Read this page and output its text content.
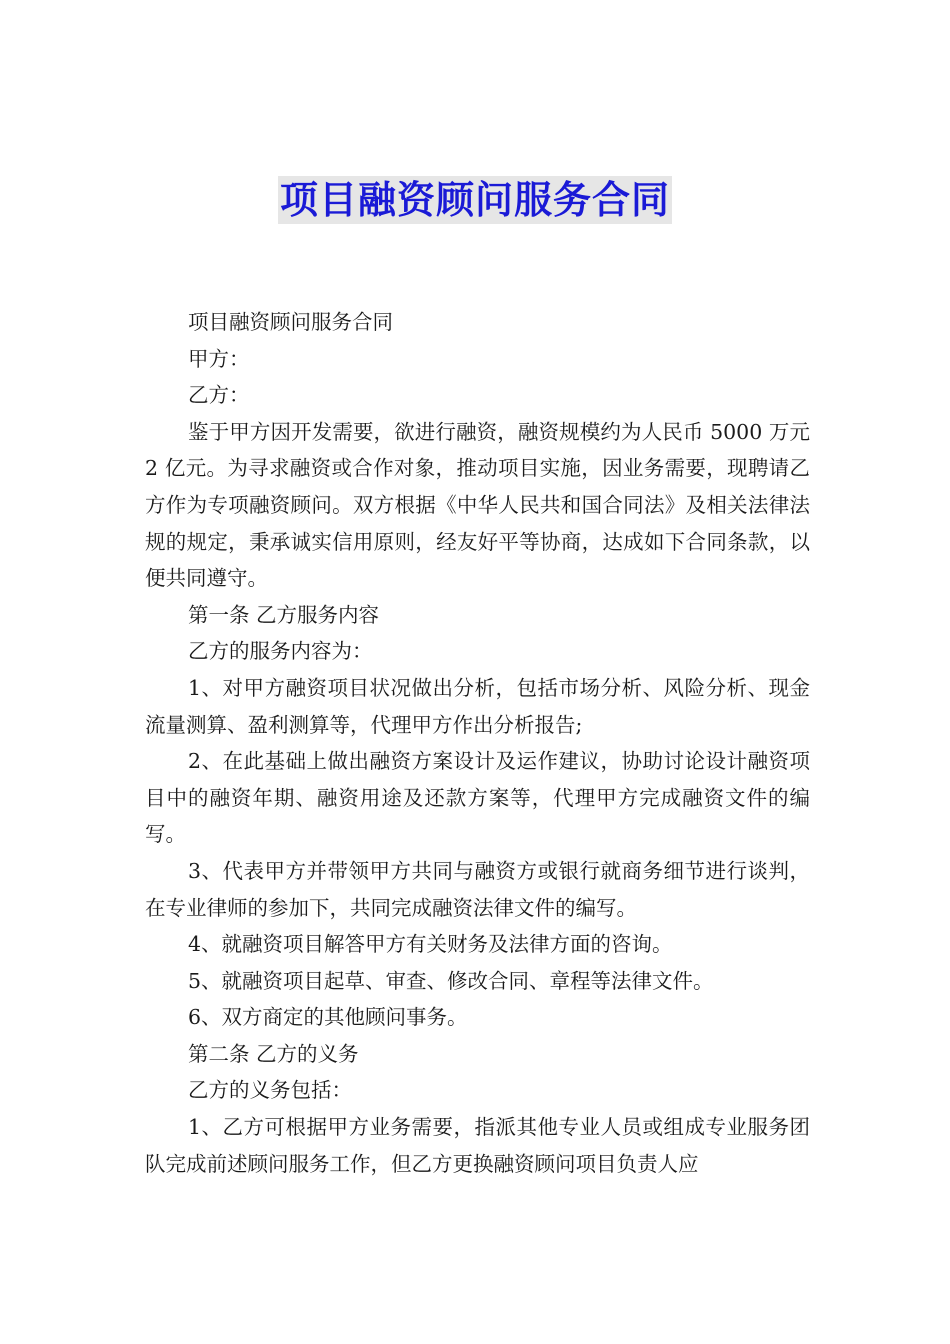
项目融资顾问服务合同

项目融资顾问服务合同

甲方：

乙方：

鉴于甲方因开发需要，欲进行融资，融资规模约为人民币 5000 万元 2 亿元。为寻求融资或合作对象，推动项目实施，因业务需要，现聘请乙方作为专项融资顾问。双方根据《中华人民共和国合同法》及相关法律法规的规定，秉承诚实信用原则，经友好平等协商，达成如下合同条款，以便共同遵守。

第一条 乙方服务内容

乙方的服务内容为：

1、对甲方融资项目状况做出分析，包括市场分析、风险分析、现金流量测算、盈利测算等，代理甲方作出分析报告;

2、在此基础上做出融资方案设计及运作建议，协助讨论设计融资项目中的融资年期、融资用途及还款方案等，代理甲方完成融资文件的编写。

3、代表甲方并带领甲方共同与融资方或银行就商务细节进行谈判，在专业律师的参加下，共同完成融资法律文件的编写。

4、就融资项目解答甲方有关财务及法律方面的咨询。

5、就融资项目起草、审查、修改合同、章程等法律文件。

6、双方商定的其他顾问事务。

第二条 乙方的义务

乙方的义务包括：

1、乙方可根据甲方业务需要，指派其他专业人员或组成专业服务团队完成前述顾问服务工作，但乙方更换融资顾问项目负责人应
